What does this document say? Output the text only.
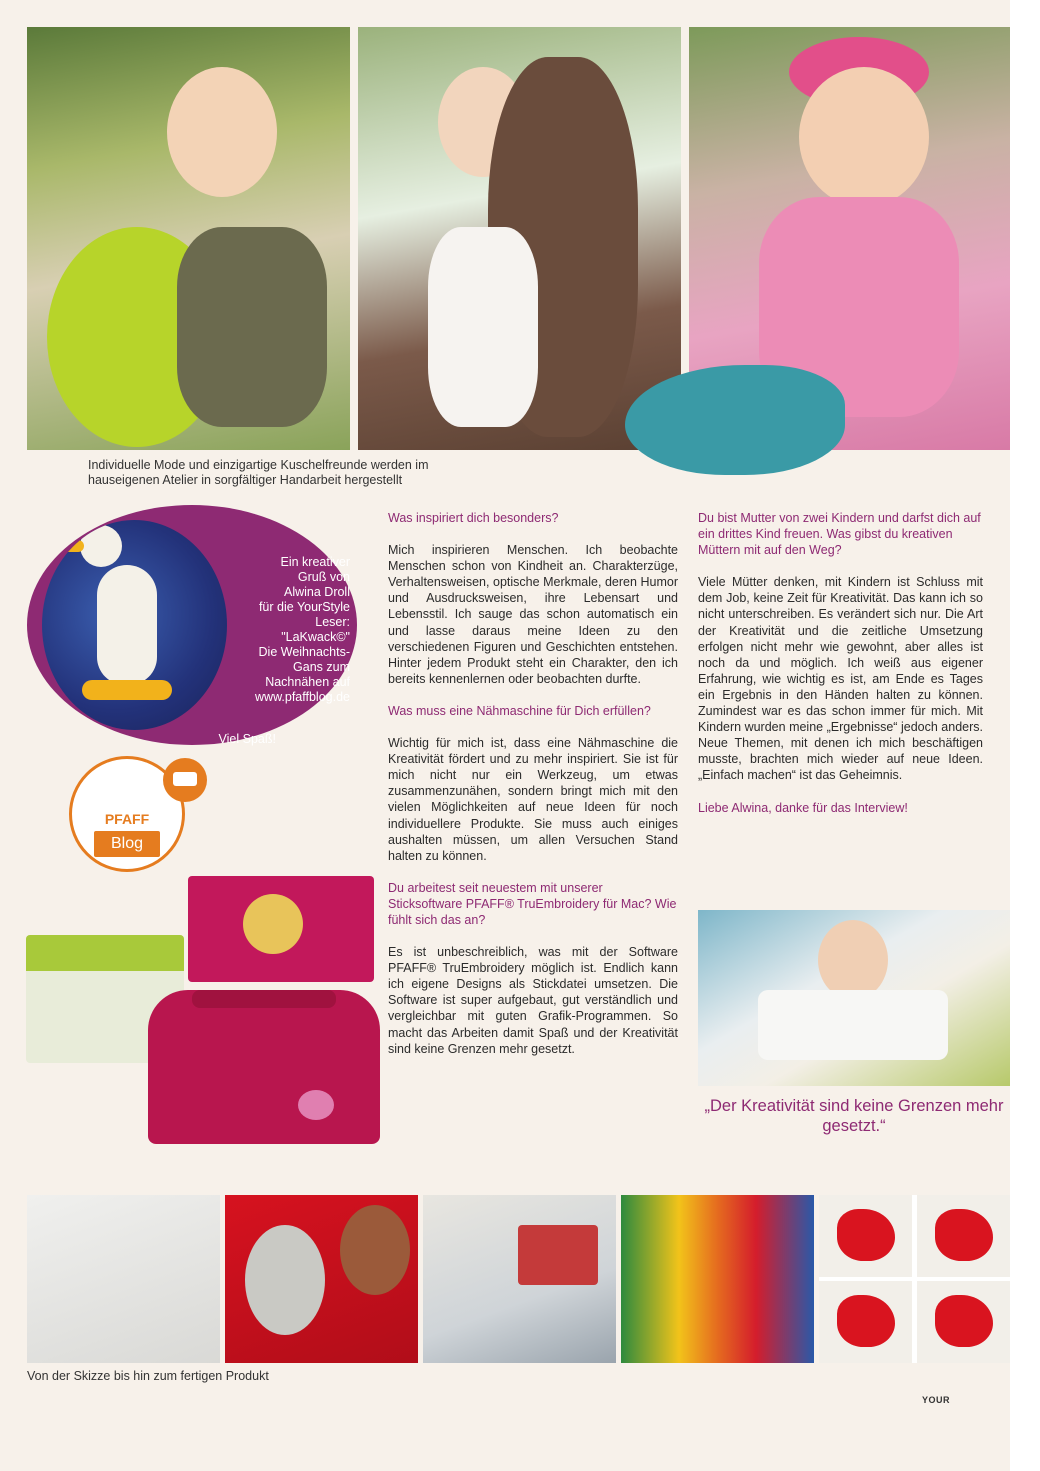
Individuelle Mode und einzigartige Kuschelfreunde werden im
hauseigenen Atelier in sorgfältiger Handarbeit hergestellt
Ein kreativer
Gruß von
Alwina Droll
für die YourStyle
Leser:
"LaKwack©"
Die Weihnachts-
Gans zum
Nachnähen auf
www.pfaffblog.de
Viel Spaß!
PFAFF
Blog
Was inspiriert dich besonders?

Mich inspirieren Menschen. Ich beobachte Menschen schon von Kindheit an. Charakterzüge, Verhaltensweisen, optische Merkmale, deren Humor und Ausdrucksweisen, ihre Lebensart und Lebensstil. Ich sauge das schon automatisch ein und lasse daraus meine Ideen zu den verschiedenen Figuren und Geschichten entstehen. Hinter jedem Produkt steht ein Charakter, den ich bereits kennenlernen oder beobachten durfte.

Was muss eine Nähmaschine für Dich erfüllen?

Wichtig für mich ist, dass eine Nähmaschine die Kreativität fördert und zu mehr inspiriert. Sie ist für mich nicht nur ein Werkzeug, um etwas zusammenzunähen, sondern bringt mich mit den vielen Möglichkeiten auf neue Ideen für noch individuellere Produkte. Sie muss auch einiges aushalten müssen, um allen Versuchen Stand halten zu können.

Du arbeitest seit neuestem mit unserer Sticksoftware PFAFF® TruEmbroidery für Mac? Wie fühlt sich das an?

Es ist unbeschreiblich, was mit der Software PFAFF® TruEmbroidery möglich ist. Endlich kann ich eigene Designs als Stickdatei umsetzen. Die Software ist super aufgebaut, gut verständlich und vergleichbar mit guten Grafik-Programmen. So macht das Arbeiten damit Spaß und der Kreativität sind keine Grenzen mehr gesetzt.

Du bist Mutter von zwei Kindern und darfst dich auf ein drittes Kind freuen. Was gibst du kreativen Müttern mit auf den Weg?

Viele Mütter denken, mit Kindern ist Schluss mit dem Job, keine Zeit für Kreativität. Das kann ich so nicht unterschreiben. Es verändert sich nur. Die Art der Kreativität und die zeitliche Umsetzung erfolgen nicht mehr wie gewohnt, aber alles ist noch da und möglich. Ich weiß aus eigener Erfahrung, wie wichtig es ist, am Ende es Tages ein Ergebnis in den Händen halten zu können. Zumindest war es das schon immer für mich. Mit Kindern wurden meine „Ergebnisse“ jedoch anders. Neue Themen, mit denen ich mich beschäftigen musste, brachten mich wieder auf neue Ideen. „Einfach machen“ ist das Geheimnis.

Liebe Alwina, danke für das Interview!
„Der Kreativität sind keine Grenzen mehr gesetzt.“
Von der Skizze bis hin zum fertigen Produkt
YOUR
